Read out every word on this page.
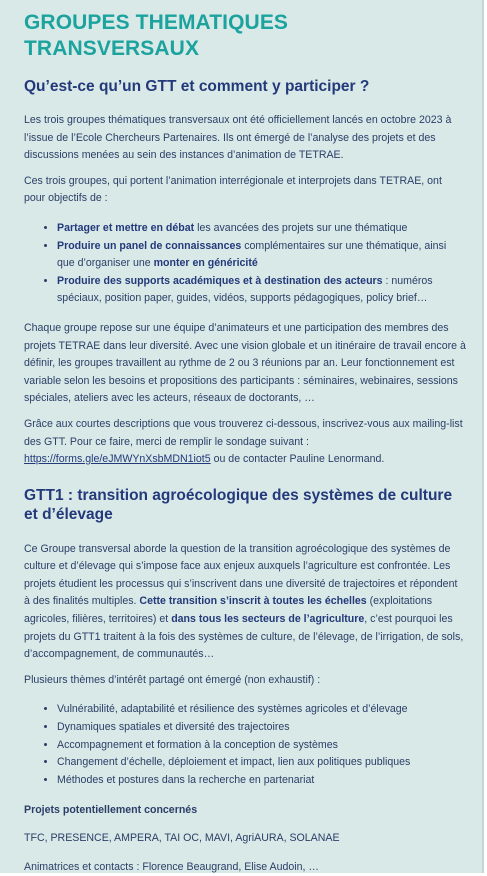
GROUPES THEMATIQUES TRANSVERSAUX
Qu’est-ce qu’un GTT et comment y participer ?

Les trois groupes thématiques transversaux ont été officiellement lancés en octobre 2023 à l’issue de l’Ecole Chercheurs Partenaires. Ils ont émergé de l’analyse des projets et des discussions menées au sein des instances d’animation de TETRAE.

Ces trois groupes, qui portent l’animation interrégionale et interprojets dans TETRAE, ont pour objectifs de :

• Partager et mettre en débat les avancées des projets sur une thématique
• Produire un panel de connaissances complémentaires sur une thématique, ainsi que d’organiser une monter en généricité
• Produire des supports académiques et à destination des acteurs : numéros spéciaux, position paper, guides, vidéos, supports pédagogiques, policy brief…

Chaque groupe repose sur une équipe d’animateurs et une participation des membres des projets TETRAE dans leur diversité. Avec une vision globale et un itinéraire de travail encore à définir, les groupes travaillent au rythme de 2 ou 3 réunions par an. Leur fonctionnement est variable selon les besoins et propositions des participants : séminaires, webinaires, sessions spéciales, ateliers avec les acteurs, réseaux de doctorants, …

Grâce aux courtes descriptions que vous trouverez ci-dessous, inscrivez-vous aux mailing-list des GTT. Pour ce faire, merci de remplir le sondage suivant : https://forms.gle/eJMWYnXsbMDN1iot5 ou de contacter Pauline Lenormand.

GTT1 : transition agroécologique des systèmes de culture et d’élevage

Ce Groupe transversal aborde la question de la transition agroécologique des systèmes de culture et d’élevage qui s’impose face aux enjeux auxquels l’agriculture est confrontée. Les projets étudient les processus qui s’inscrivent dans une diversité de trajectoires et répondent à des finalités multiples. Cette transition s’inscrit à toutes les échelles (exploitations agricoles, filières, territoires) et dans tous les secteurs de l’agriculture, c’est pourquoi les projets du GTT1 traitent à la fois des systèmes de culture, de l’élevage, de l’irrigation, de sols, d’accompagnement, de communautés…

Plusieurs thèmes d’intérêt partagé ont émergé (non exhaustif) :

• Vulnérabilité, adaptabilité et résilience des systèmes agricoles et d’élevage
• Dynamiques spatiales et diversité des trajectoires
• Accompagnement et formation à la conception de systèmes
• Changement d’échelle, déploiement et impact, lien aux politiques publiques
• Méthodes et postures dans la recherche en partenariat

Projets potentiellement concernés

TFC, PRESENCE, AMPERA, TAI OC, MAVI, AgriAURA, SOLANAE

Animatrices et contacts : Florence Beaugrand, Elise Audoin, …
